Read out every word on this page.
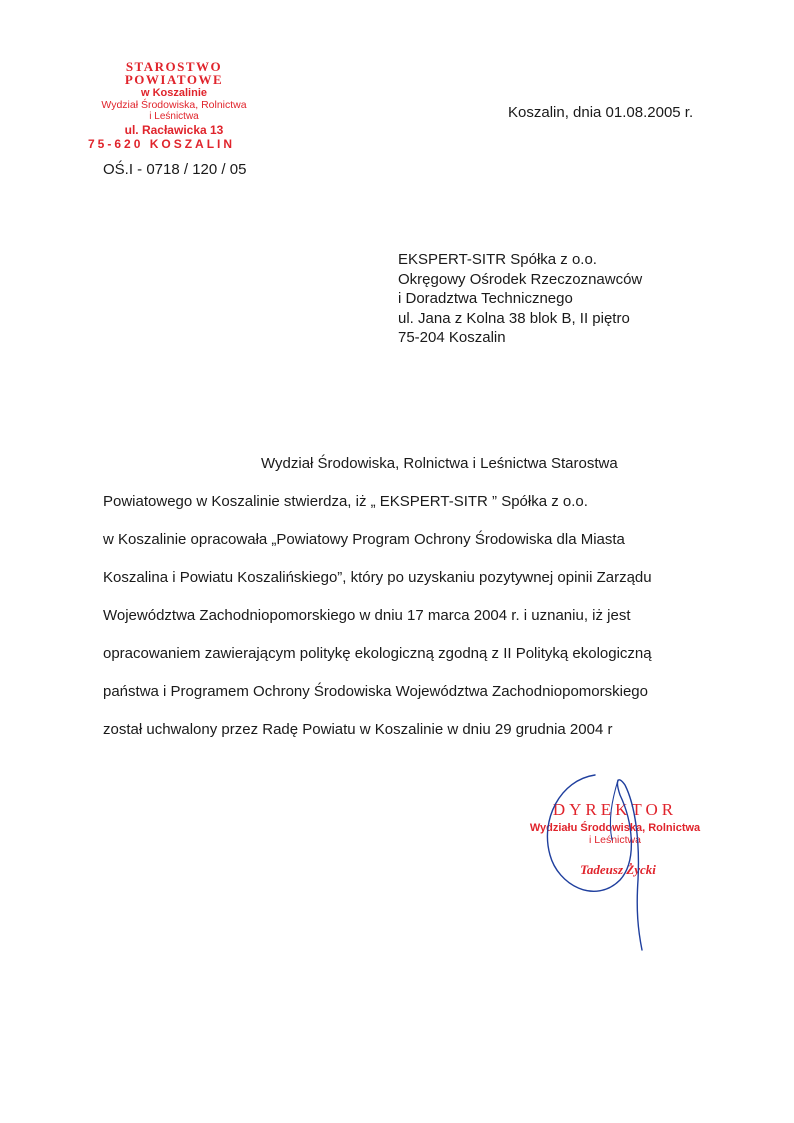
STAROSTWO POWIATOWE
w Koszalinie
Wydział Środowiska, Rolnictwa
i Leśnictwa
ul. Racławicka 13
75-620 KOSZALIN
Koszalin, dnia 01.08.2005 r.
OŚ.I - 0718 / 120 / 05
EKSPERT-SITR Spółka z o.o.
Okręgowy Ośrodek Rzeczoznawców
i Doradztwa Technicznego
ul. Jana z Kolna 38 blok B, II piętro
75-204 Koszalin
Wydział Środowiska, Rolnictwa i Leśnictwa Starostwa
Powiatowego w Koszalinie stwierdza, iż „ EKSPERT-SITR ” Spółka z o.o.
w Koszalinie opracowała „Powiatowy Program Ochrony Środowiska dla Miasta
Koszalina i Powiatu Koszalińskiego”, który po uzyskaniu pozytywnej opinii Zarządu
Województwa Zachodniopomorskiego w dniu 17 marca 2004 r. i uznaniu, iż jest
opracowaniem zawierającym politykę ekologiczną zgodną z II Polityką ekologiczną
państwa i Programem Ochrony Środowiska Województwa Zachodniopomorskiego
został uchwalony przez Radę Powiatu w Koszalinie w dniu 29 grudnia 2004 r
DYREKTOR
Wydziału Środowiska, Rolnictwa
i Leśnictwa
Tadeusz Życki
